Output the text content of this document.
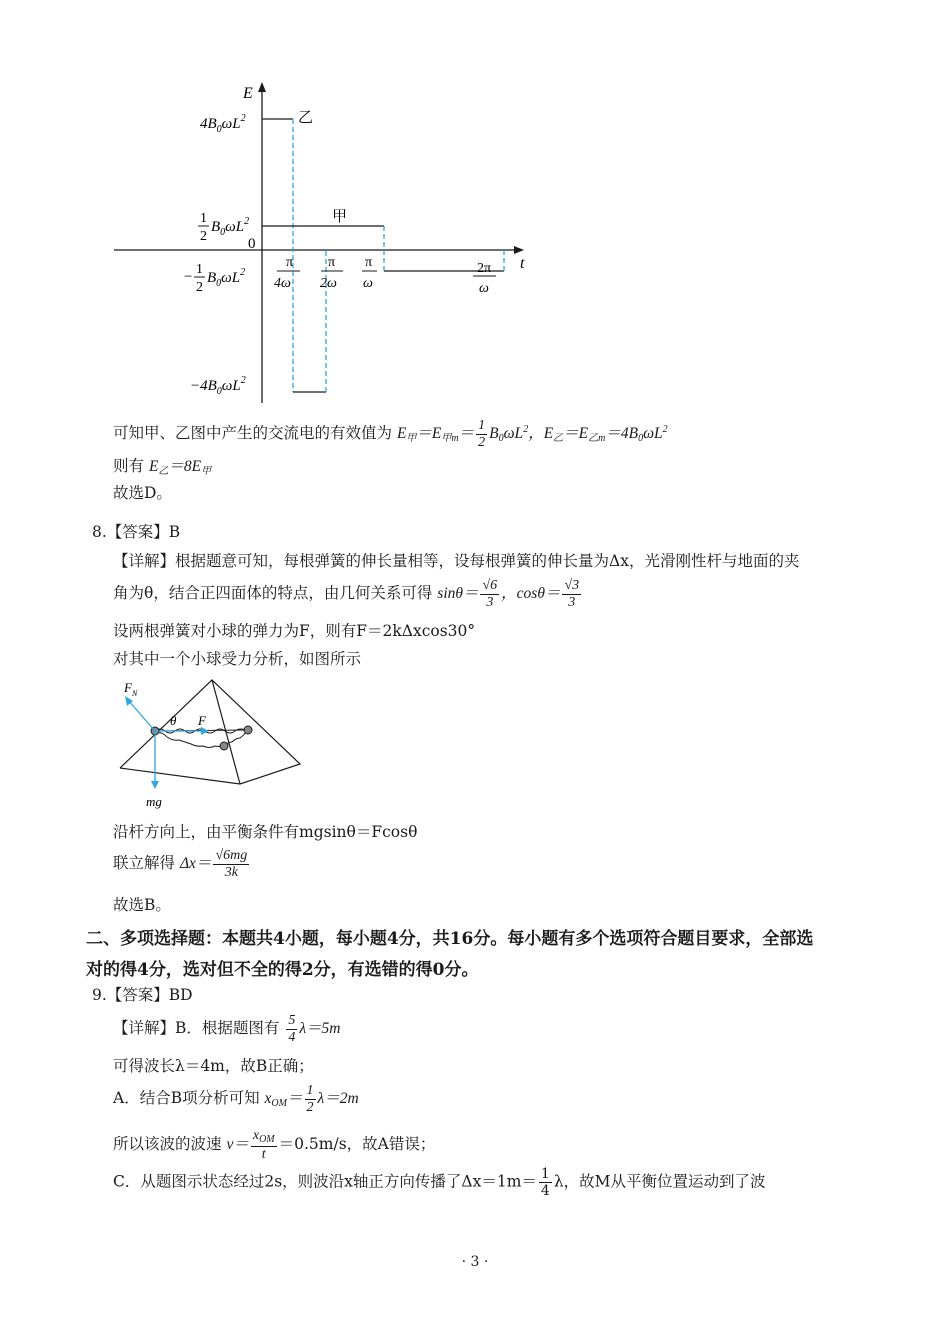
E
t
0
乙
甲
$4B_0\omega L^2$
1
2
$B_0\omega L^2$
− 1
2
$B_0\omega L^2$
$-4B_0\omega L^2$
π
4ω
π
2ω
π
ω
2π
ω
可知甲、乙图中产生的交流电的有效值为 $E_甲=E_{甲m}= \frac{1}{2} B_0\omega L^2$，$E_乙=E_{乙m}=4B_0\omega L^2$
则有 $E_乙=8E_甲$
故选D。
8.【答案】B
【详解】根据题意可知，每根弹簧的伸长量相等，设每根弹簧的伸长量为Δx，光滑刚性杆与地面的夹
角为θ，结合正四面体的特点，由几何关系可得 $\sin\theta= \frac{√6}{3}$ ，$\cos\theta= \frac{√3}{3}$
设两根弹簧对小球的弹力为F，则有F＝2kΔxcos30°
对其中一个小球受力分析，如图所示
$F_N$
θ F
mg
沿杆方向上，由平衡条件有mgsinθ＝Fcosθ
联立解得 $\Delta x= \frac{√6mg}{3k}$
故选B。
二、多项选择题：本题共4小题，每小题4分，共16分。每小题有多个选项符合题目要求，全部选
对的得4分，选对但不全的得2分，有选错的得0分。
9.【答案】BD
【详解】B．根据题图有 $\frac{5}{4} \lambda=5m$
可得波长λ＝4m，故B正确；
A．结合B项分析可知 $x_{OM}= \frac{1}{2} \lambda=2m$
所以该波的波速 $v= \frac{x_{OM}}{t} =0.5m/s$，故A错误；
C．从题图示状态经过2s，则波沿x轴正方向传播了$\Delta x=1m= \frac{1}{4}$ λ，故M从平衡位置运动到了波
· 3 ·
